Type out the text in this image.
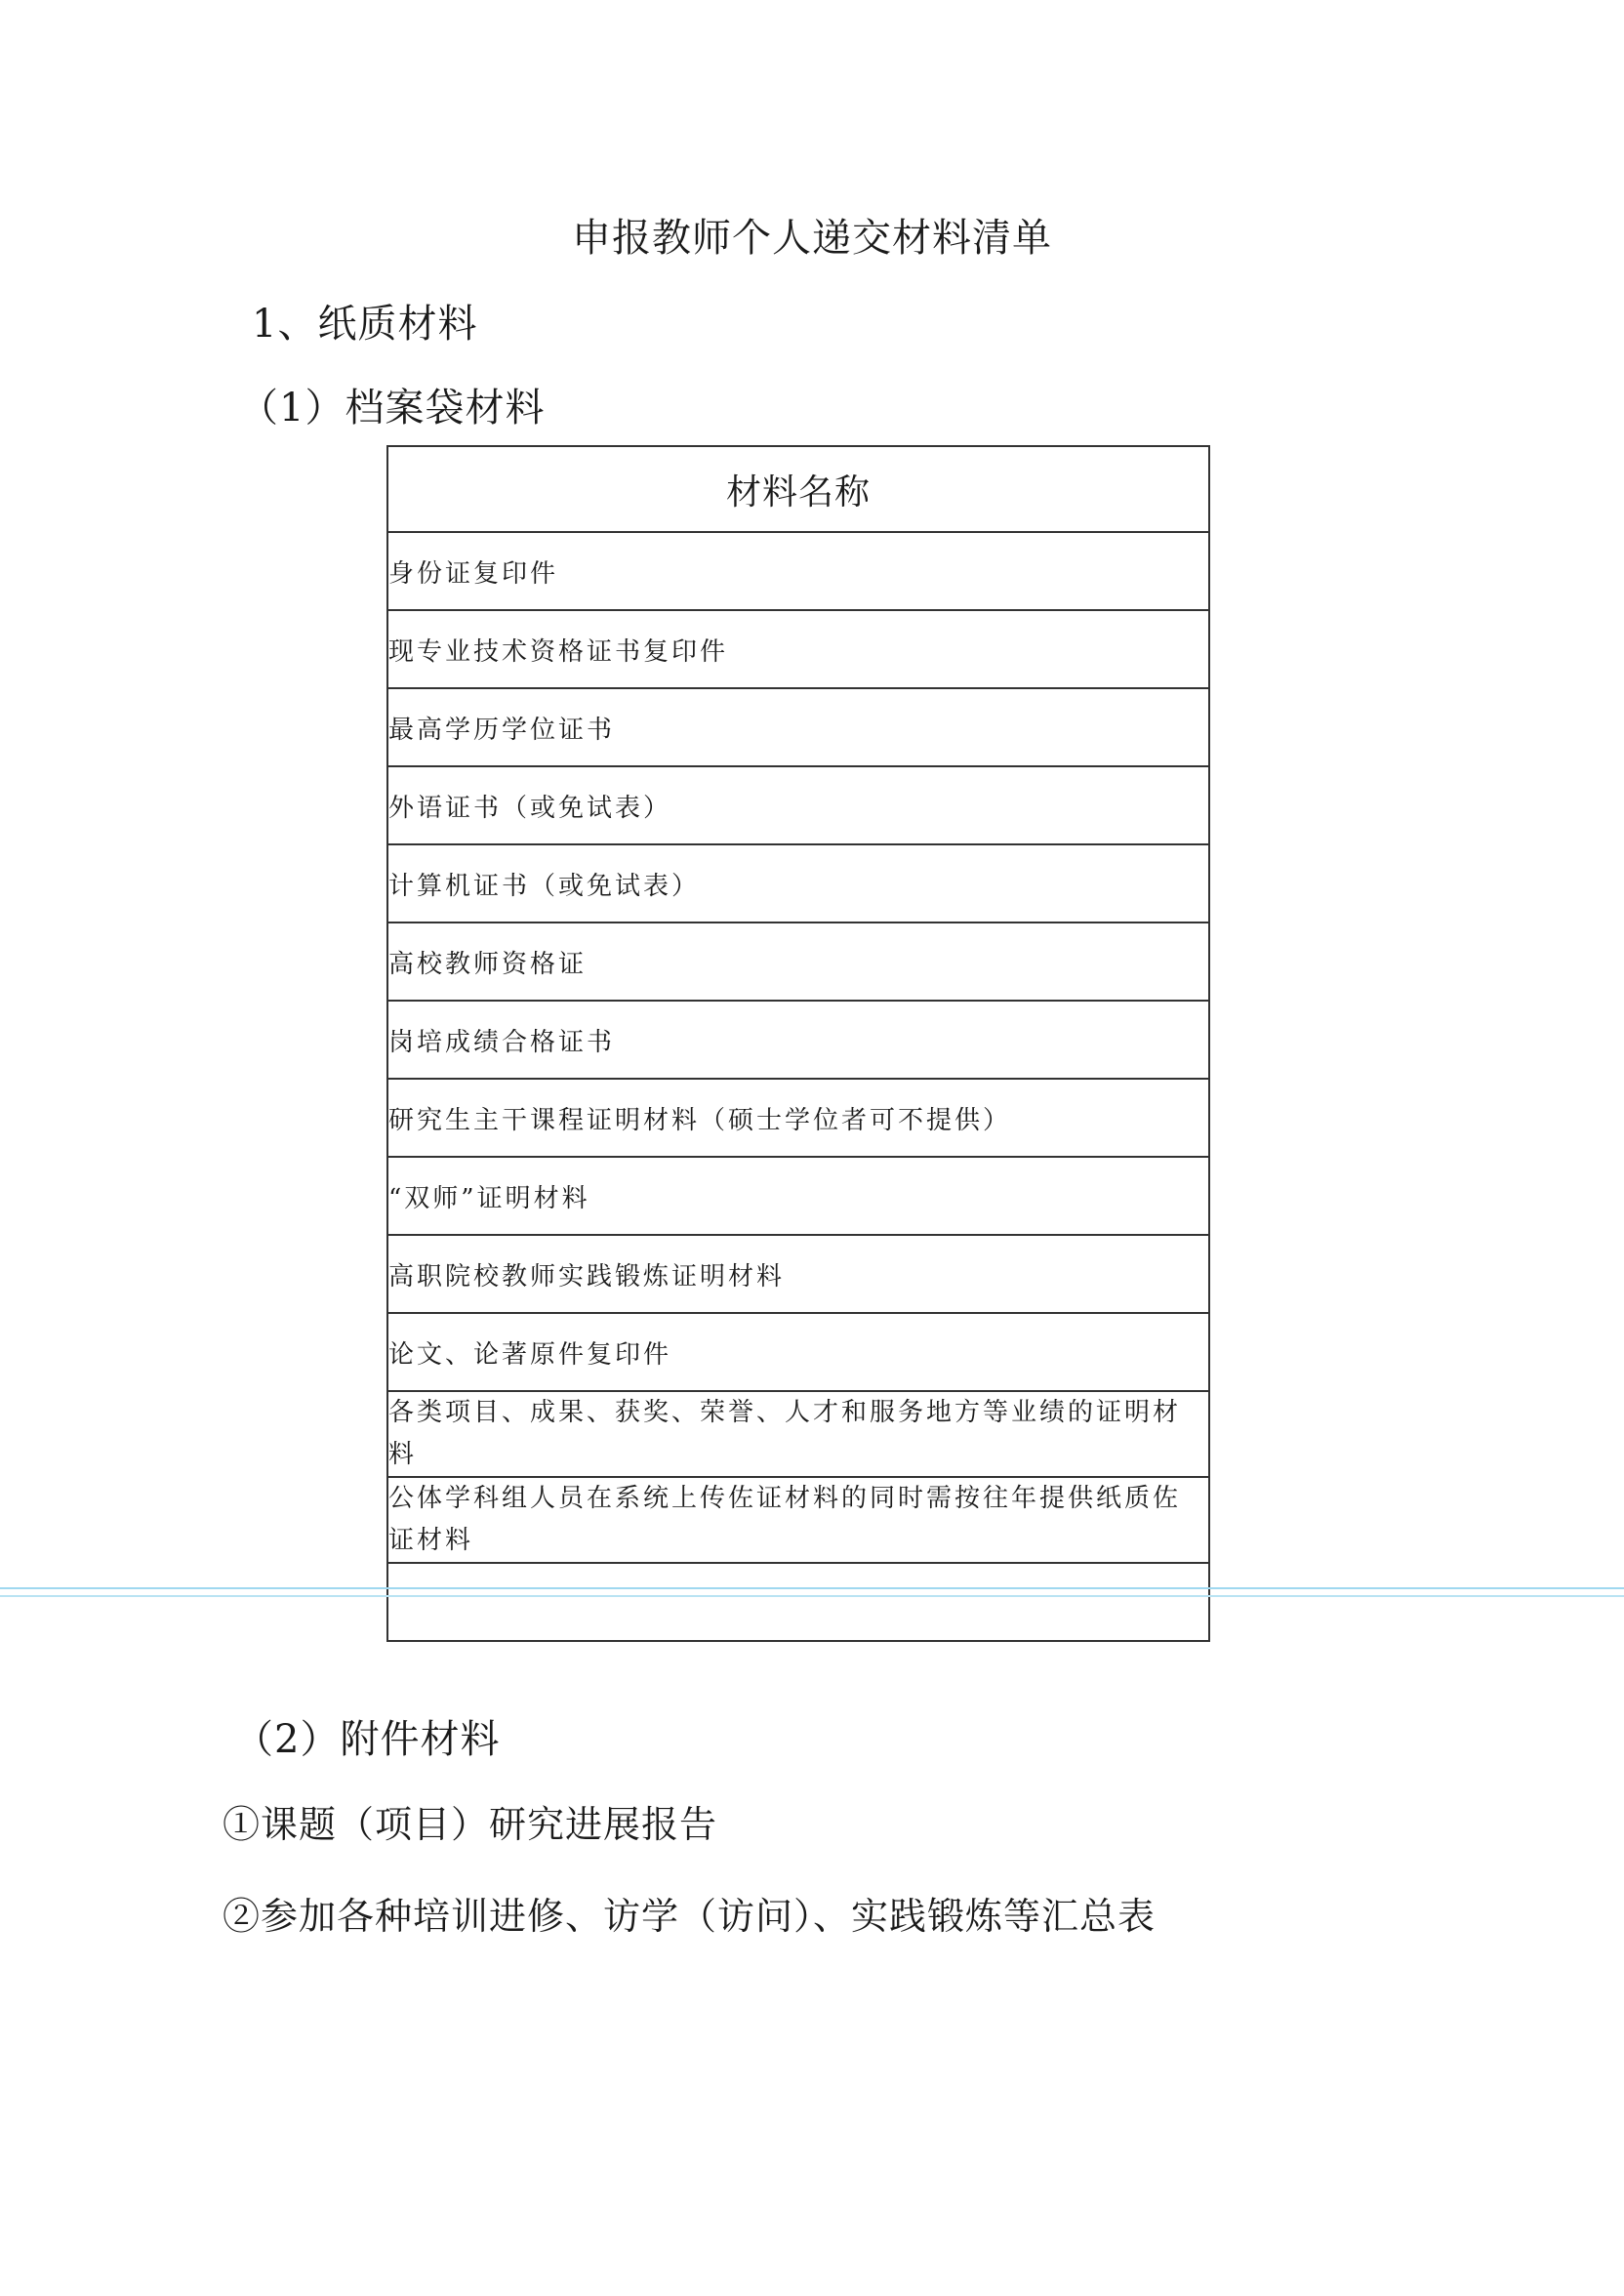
申报教师个人递交材料清单
1、纸质材料
（1）档案袋材料
材料名称
身份证复印件
现专业技术资格证书复印件
最高学历学位证书
外语证书（或免试表）
计算机证书（或免试表）
高校教师资格证
岗培成绩合格证书
研究生主干课程证明材料（硕士学位者可不提供）
“双师”证明材料
高职院校教师实践锻炼证明材料
论文、论著原件复印件
各类项目、成果、获奖、荣誉、人才和服务地方等业绩的证明材料
公体学科组人员在系统上传佐证材料的同时需按往年提供纸质佐证材料

（2）附件材料
①课题（项目）研究进展报告
②参加各种培训进修、访学（访问）、实践锻炼等汇总表
